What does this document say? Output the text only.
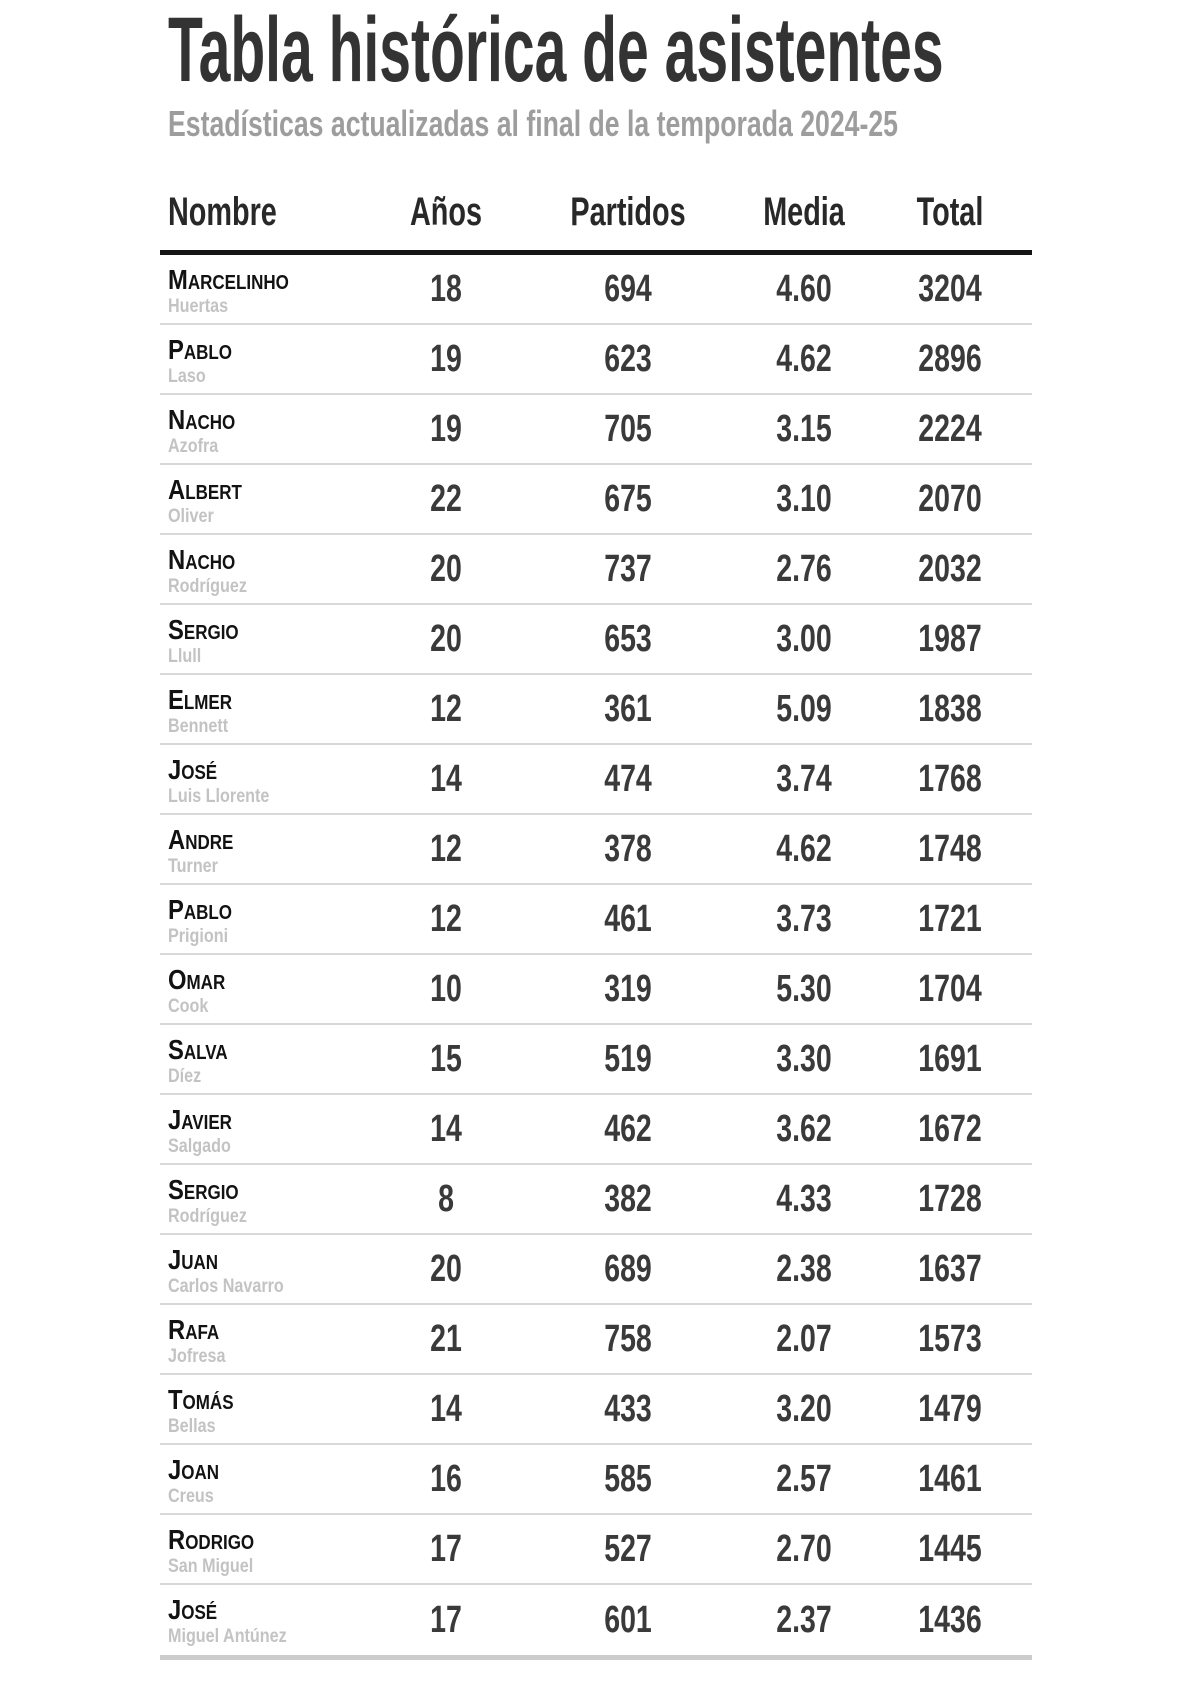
Tabla histórica de asistentes
Estadísticas actualizadas al final de la temporada 2024-25
Nombre	Años Partidos Media Total
Marcelinho
Huertas	18	694	4.60 3204
Pablo
Laso	19	623	4.62 2896
Nacho
Azofra	19	705	3.15 2224
Albert
Oliver	22	675	3.10 2070
Nacho
Rodríguez	20	737	2.76 2032
Sergio
Llull	20	653	3.00 1987
Elmer
Bennett	12	361	5.09 1838
José
Luis Llorente	14	474	3.74 1768
Andre
Turner	12	378	4.62 1748
Pablo
Prigioni	12	461	3.73 1721
Omar
Cook	10	319	5.30 1704
Salva
Díez	15	519	3.30 1691
Javier
Salgado	14	462	3.62 1672
Sergio
Rodríguez	8	382	4.33 1728
Juan
Carlos Navarro	20	689	2.38 1637
Rafa
Jofresa	21	758	2.07 1573
Tomás
Bellas	14	433	3.20 1479
Joan
Creus	16	585	2.57 1461
Rodrigo
San Miguel	17	527	2.70 1445
José
Miguel Antúnez	17	601	2.37 1436
